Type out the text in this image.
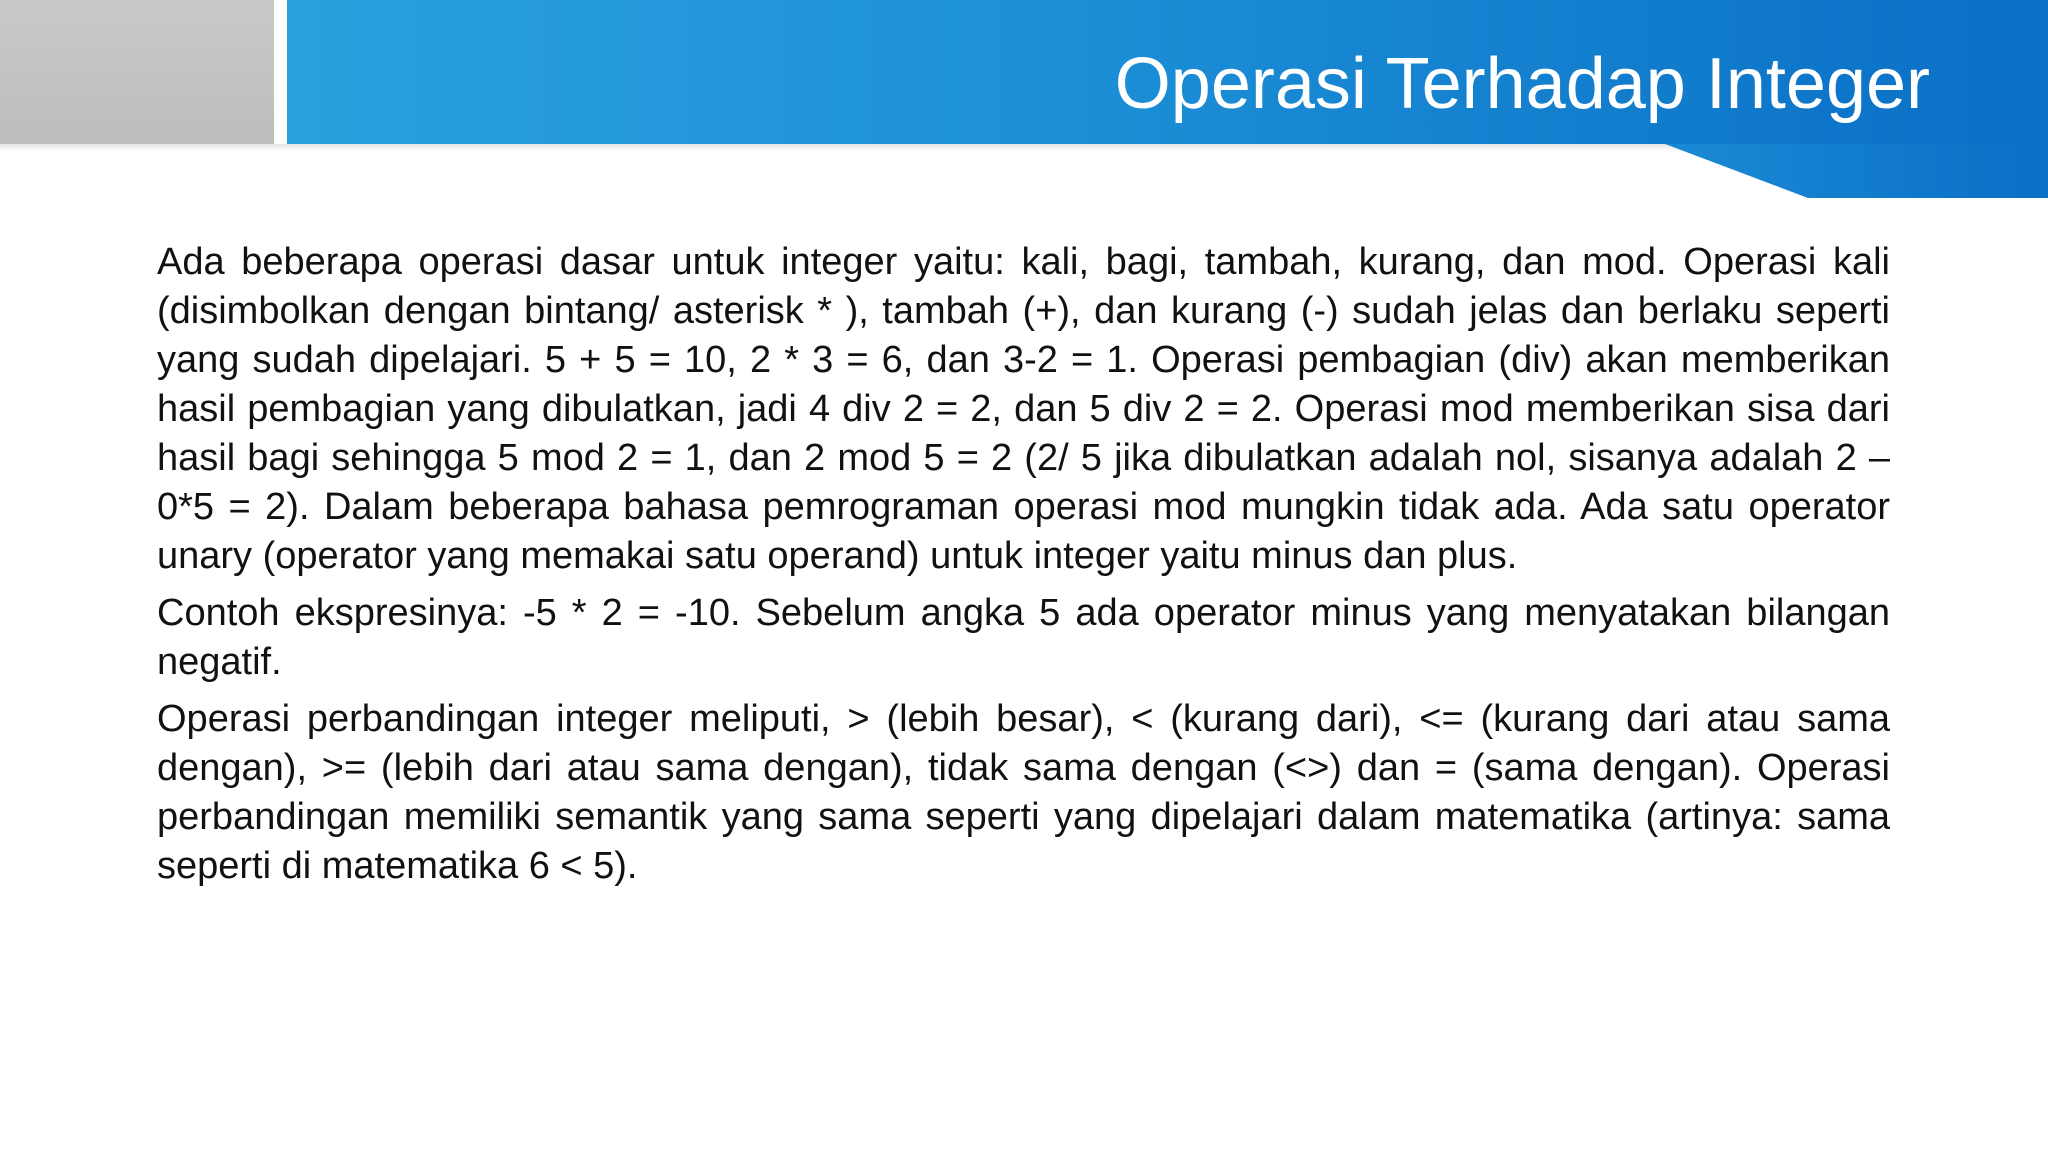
Operasi Terhadap Integer

Ada beberapa operasi dasar untuk integer yaitu: kali, bagi, tambah, kurang, dan mod. Operasi kali (disimbolkan dengan bintang/ asterisk * ), tambah (+), dan kurang (-) sudah jelas dan berlaku seperti yang sudah dipelajari. 5 + 5 = 10, 2 * 3 = 6, dan 3-2 = 1. Operasi pembagian (div) akan memberikan hasil pembagian yang dibulatkan, jadi 4 div 2 = 2, dan 5 div 2 = 2. Operasi mod memberikan sisa dari hasil bagi sehingga 5 mod 2 = 1, dan 2 mod 5 = 2 (2/ 5 jika dibulatkan adalah nol, sisanya adalah 2 – 0*5 = 2). Dalam beberapa bahasa pemrograman operasi mod mungkin tidak ada. Ada satu operator unary (operator yang memakai satu operand) untuk integer yaitu minus dan plus.

Contoh ekspresinya: -5 * 2 = -10. Sebelum angka 5 ada operator minus yang menyatakan bilangan negatif.

Operasi perbandingan integer meliputi, > (lebih besar), < (kurang dari), <= (kurang dari atau sama dengan), >= (lebih dari atau sama dengan), tidak sama dengan (<>) dan = (sama dengan). Operasi perbandingan memiliki semantik yang sama seperti yang dipelajari dalam matematika (artinya: sama seperti di matematika 6 < 5).
